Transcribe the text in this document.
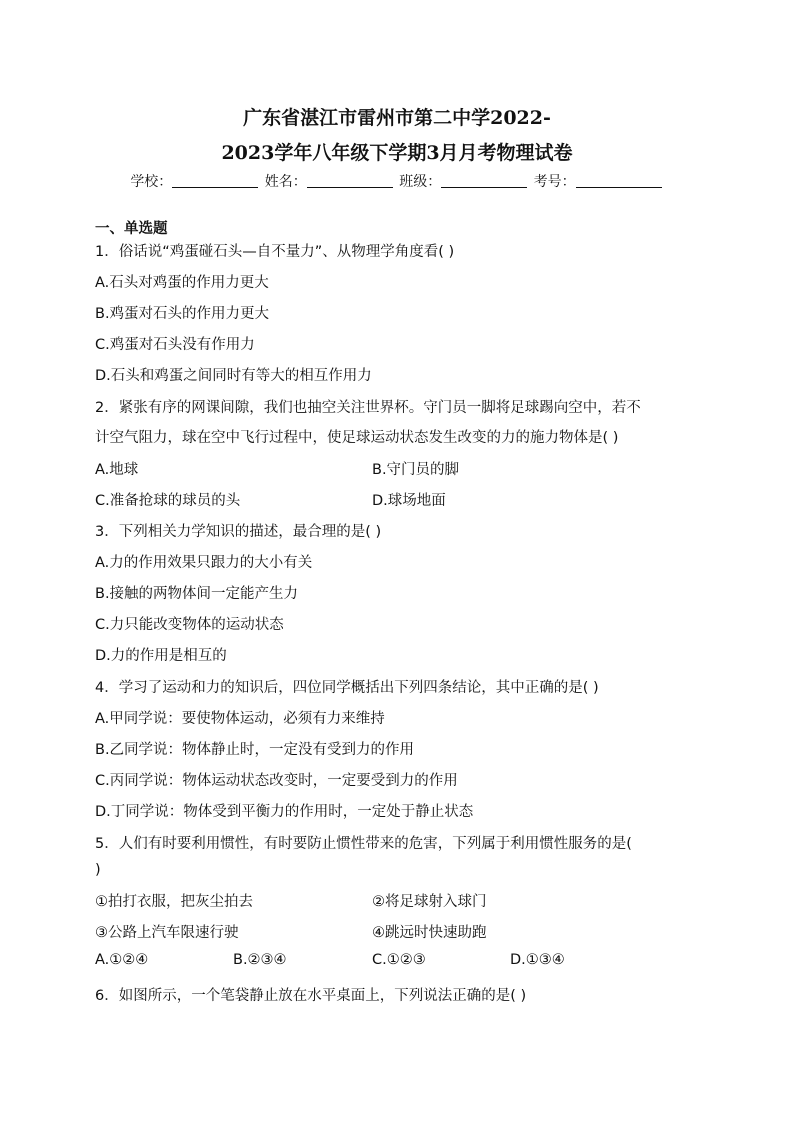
广东省湛江市雷州市第二中学2022-
2023学年八年级下学期3月月考物理试卷
学校：	姓名：	班级：	考号：
一、单选题
1．俗话说“鸡蛋碰石头—自不量力”、从物理学角度看( )
A.石头对鸡蛋的作用力更大
B.鸡蛋对石头的作用力更大
C.鸡蛋对石头没有作用力
D.石头和鸡蛋之间同时有等大的相互作用力
2．紧张有序的网课间隙，我们也抽空关注世界杯。守门员一脚将足球踢向空中，若不
计空气阻力，球在空中飞行过程中，使足球运动状态发生改变的力的施力物体是( )
A.地球	B.守门员的脚
C.准备抢球的球员的头	D.球场地面
3．下列相关力学知识的描述，最合理的是( )
A.力的作用效果只跟力的大小有关
B.接触的两物体间一定能产生力
C.力只能改变物体的运动状态
D.力的作用是相互的
4．学习了运动和力的知识后，四位同学概括出下列四条结论，其中正确的是( )
A.甲同学说：要使物体运动，必须有力来维持
B.乙同学说：物体静止时，一定没有受到力的作用
C.丙同学说：物体运动状态改变时，一定要受到力的作用
D.丁同学说：物体受到平衡力的作用时，一定处于静止状态
5．人们有时要利用惯性，有时要防止惯性带来的危害，下列属于利用惯性服务的是(
)
①拍打衣服，把灰尘拍去	②将足球射入球门
③公路上汽车限速行驶	④跳远时快速助跑
A.①②④	B.②③④	C.①②③	D.①③④
6．如图所示，一个笔袋静止放在水平桌面上，下列说法正确的是( )
